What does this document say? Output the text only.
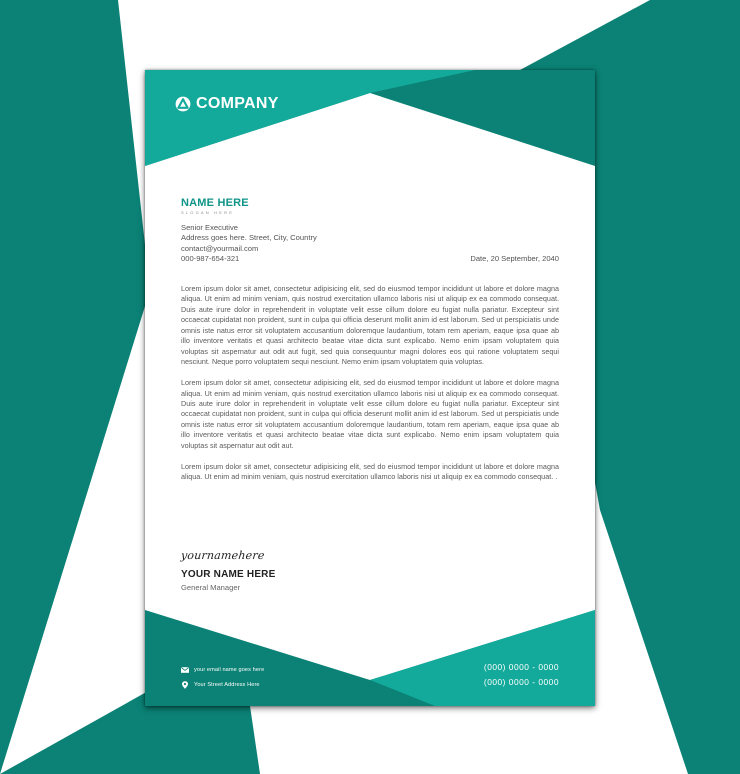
COMPANY
NAME HERE
SLOGAN HERE
Senior Executive
Address goes here. Street, City, Country
contact@yourmail.com
000-987-654-321	Date, 20 September, 2040

Lorem ipsum dolor sit amet, consectetur adipisicing elit, sed do eiusmod tempor incididunt ut labore et dolore magna aliqua. Ut enim ad minim veniam, quis nostrud exercitation ullamco laboris nisi ut aliquip ex ea commodo consequat. Duis aute irure dolor in reprehenderit in voluptate velit esse cillum dolore eu fugiat nulla pariatur. Excepteur sint occaecat cupidatat non proident, sunt in culpa qui officia deserunt mollit anim id est laborum. Sed ut perspiciatis unde omnis iste natus error sit voluptatem accusantium doloremque laudantium, totam rem aperiam, eaque ipsa quae ab illo inventore veritatis et quasi architecto beatae vitae dicta sunt explicabo. Nemo enim ipsam voluptatem quia voluptas sit aspernatur aut odit aut fugit, sed quia consequuntur magni dolores eos qui ratione voluptatem sequi nesciunt. Neque porro voluptatem sequi nesciunt. Nemo enim ipsam voluptatem quia voluptas.

Lorem ipsum dolor sit amet, consectetur adipisicing elit, sed do eiusmod tempor incididunt ut labore et dolore magna aliqua. Ut enim ad minim veniam, quis nostrud exercitation ullamco laboris nisi ut aliquip ex ea commodo consequat. Duis aute irure dolor in reprehenderit in voluptate velit esse cillum dolore eu fugiat nulla pariatur. Excepteur sint occaecat cupidatat non proident, sunt in culpa qui officia deserunt mollit anim id est laborum. Sed ut perspiciatis unde omnis iste natus error sit voluptatem accusantium doloremque laudantium, totam rem aperiam, eaque ipsa quae ab illo inventore veritatis et quasi architecto beatae vitae dicta sunt explicabo. Nemo enim ipsam voluptatem quia voluptas sit aspernatur aut odit aut.

Lorem ipsum dolor sit amet, consectetur adipisicing elit, sed do eiusmod tempor incididunt ut labore et dolore magna aliqua. Ut enim ad minim veniam, quis nostrud exercitation ullamco laboris nisi ut aliquip ex ea commodo consequat. .

yournamehere
YOUR NAME HERE
General Manager
your email name goes here
Your Street Address Here
(000) 0000 - 0000
(000) 0000 - 0000
